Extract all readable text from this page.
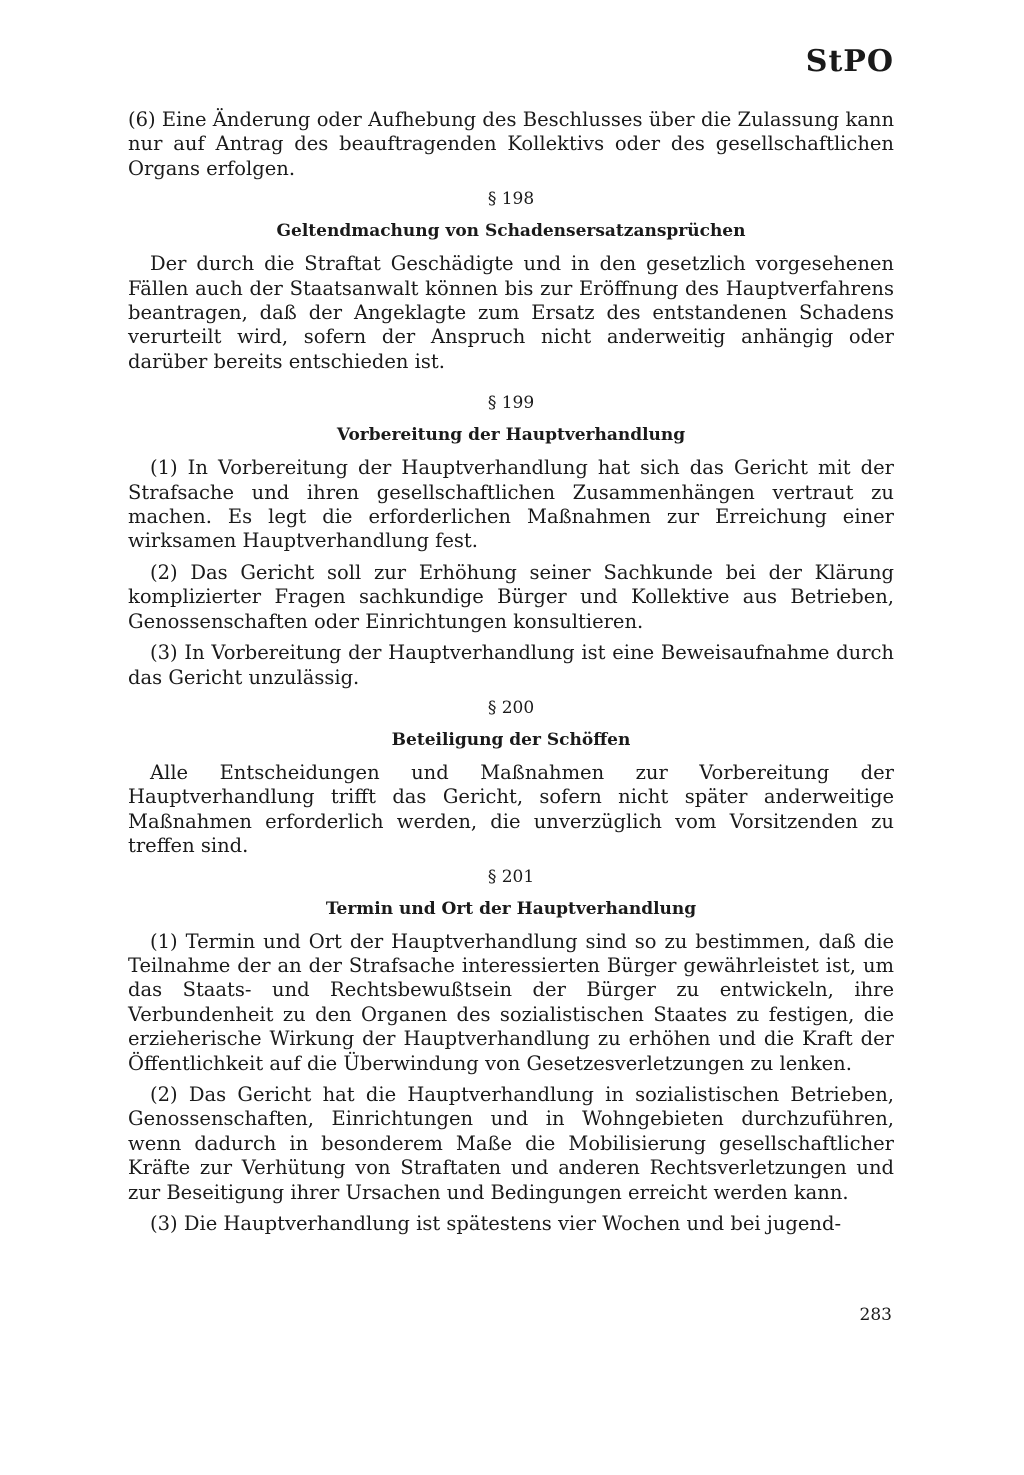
StPO

(6) Eine Änderung oder Aufhebung des Beschlusses über die Zulassung kann nur auf Antrag des beauftragenden Kollektivs oder des gesellschaftlichen Organs erfolgen.

§ 198
Geltendmachung von Schadensersatzansprüchen

Der durch die Straftat Geschädigte und in den gesetzlich vorgesehenen Fällen auch der Staatsanwalt können bis zur Eröffnung des Hauptverfahrens beantragen, daß der Angeklagte zum Ersatz des entstandenen Schadens verurteilt wird, sofern der Anspruch nicht anderweitig anhängig oder darüber bereits entschieden ist.

§ 199
Vorbereitung der Hauptverhandlung

(1) In Vorbereitung der Hauptverhandlung hat sich das Gericht mit der Strafsache und ihren gesellschaftlichen Zusammenhängen vertraut zu machen. Es legt die erforderlichen Maßnahmen zur Erreichung einer wirksamen Hauptverhandlung fest.

(2) Das Gericht soll zur Erhöhung seiner Sachkunde bei der Klärung komplizierter Fragen sachkundige Bürger und Kollektive aus Betrieben, Genossenschaften oder Einrichtungen konsultieren.

(3) In Vorbereitung der Hauptverhandlung ist eine Beweisaufnahme durch das Gericht unzulässig.

§ 200
Beteiligung der Schöffen

Alle Entscheidungen und Maßnahmen zur Vorbereitung der Hauptverhandlung trifft das Gericht, sofern nicht später anderweitige Maßnahmen erforderlich werden, die unverzüglich vom Vorsitzenden zu treffen sind.

§ 201
Termin und Ort der Hauptverhandlung

(1) Termin und Ort der Hauptverhandlung sind so zu bestimmen, daß die Teilnahme der an der Strafsache interessierten Bürger gewährleistet ist, um das Staats- und Rechtsbewußtsein der Bürger zu entwickeln, ihre Verbundenheit zu den Organen des sozialistischen Staates zu festigen, die erzieherische Wirkung der Hauptverhandlung zu erhöhen und die Kraft der Öffentlichkeit auf die Überwindung von Gesetzesverletzungen zu lenken.

(2) Das Gericht hat die Hauptverhandlung in sozialistischen Betrieben, Genossenschaften, Einrichtungen und in Wohngebieten durchzuführen, wenn dadurch in besonderem Maße die Mobilisierung gesellschaftlicher Kräfte zur Verhütung von Straftaten und anderen Rechtsverletzungen und zur Beseitigung ihrer Ursachen und Bedingungen erreicht werden kann.

(3) Die Hauptverhandlung ist spätestens vier Wochen und bei jugend-

283
